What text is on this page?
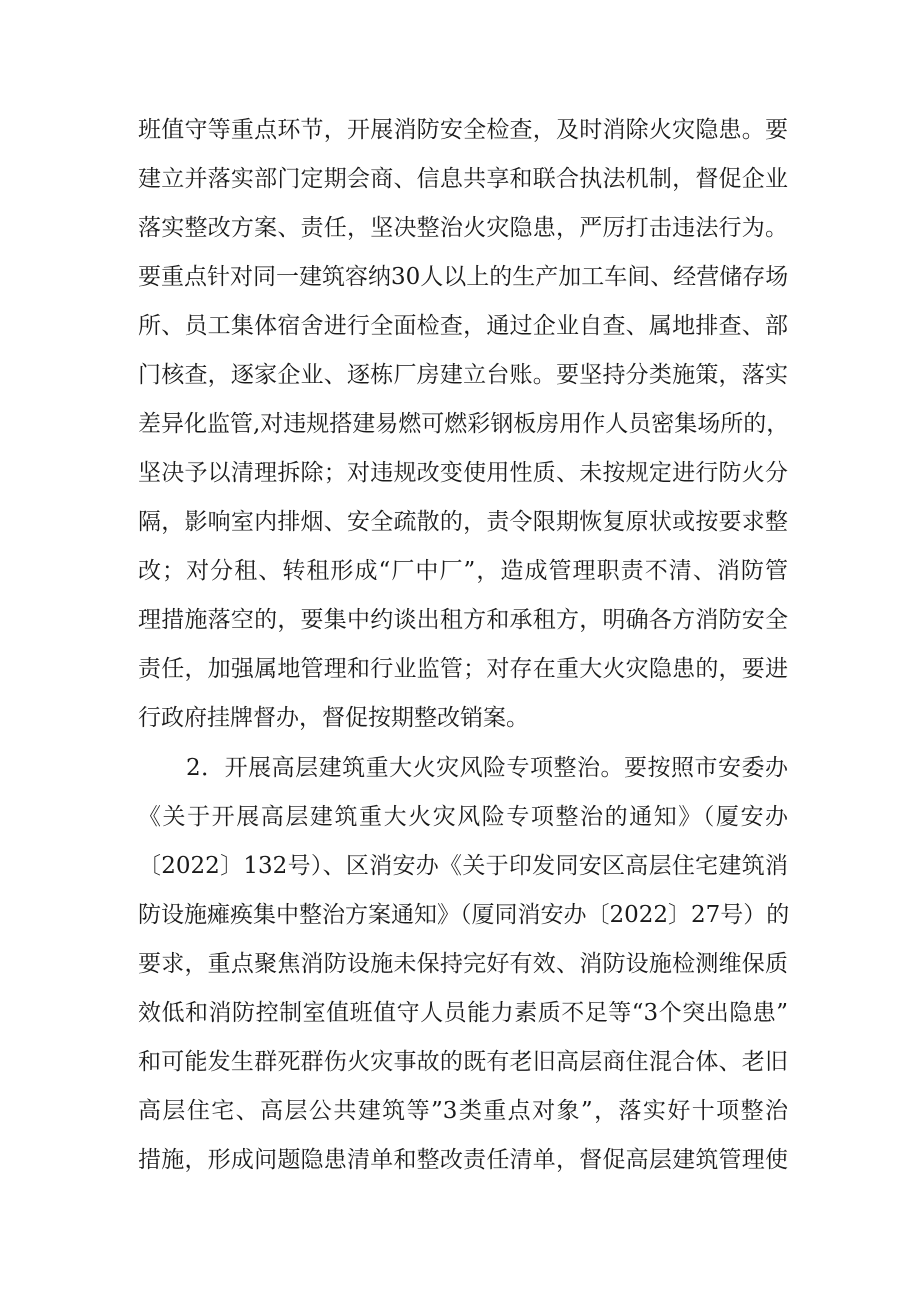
班值守等重点环节，开展消防安全检查，及时消除火灾隐患。要
建立并落实部门定期会商、信息共享和联合执法机制，督促企业
落实整改方案、责任，坚决整治火灾隐患，严厉打击违法行为。
要重点针对同一建筑容纳30人以上的生产加工车间、经营储存场
所、员工集体宿舍进行全面检查，通过企业自查、属地排查、部
门核查，逐家企业、逐栋厂房建立台账。要坚持分类施策，落实
差异化监管,对违规搭建易燃可燃彩钢板房用作人员密集场所的，
坚决予以清理拆除；对违规改变使用性质、未按规定进行防火分
隔，影响室内排烟、安全疏散的，责令限期恢复原状或按要求整
改；对分租、转租形成“厂中厂”，造成管理职责不清、消防管
理措施落空的，要集中约谈出租方和承租方，明确各方消防安全
责任，加强属地管理和行业监管；对存在重大火灾隐患的，要进
行政府挂牌督办，督促按期整改销案。
2．开展高层建筑重大火灾风险专项整治。要按照市安委办
《关于开展高层建筑重大火灾风险专项整治的通知》（厦安办
〔2022〕132号）、区消安办《关于印发同安区高层住宅建筑消
防设施瘫痪集中整治方案通知》（厦同消安办〔2022〕27号）的
要求，重点聚焦消防设施未保持完好有效、消防设施检测维保质
效低和消防控制室值班值守人员能力素质不足等“3个突出隐患”
和可能发生群死群伤火灾事故的既有老旧高层商住混合体、老旧
高层住宅、高层公共建筑等”3类重点对象”，落实好十项整治
措施，形成问题隐患清单和整改责任清单，督促高层建筑管理使
